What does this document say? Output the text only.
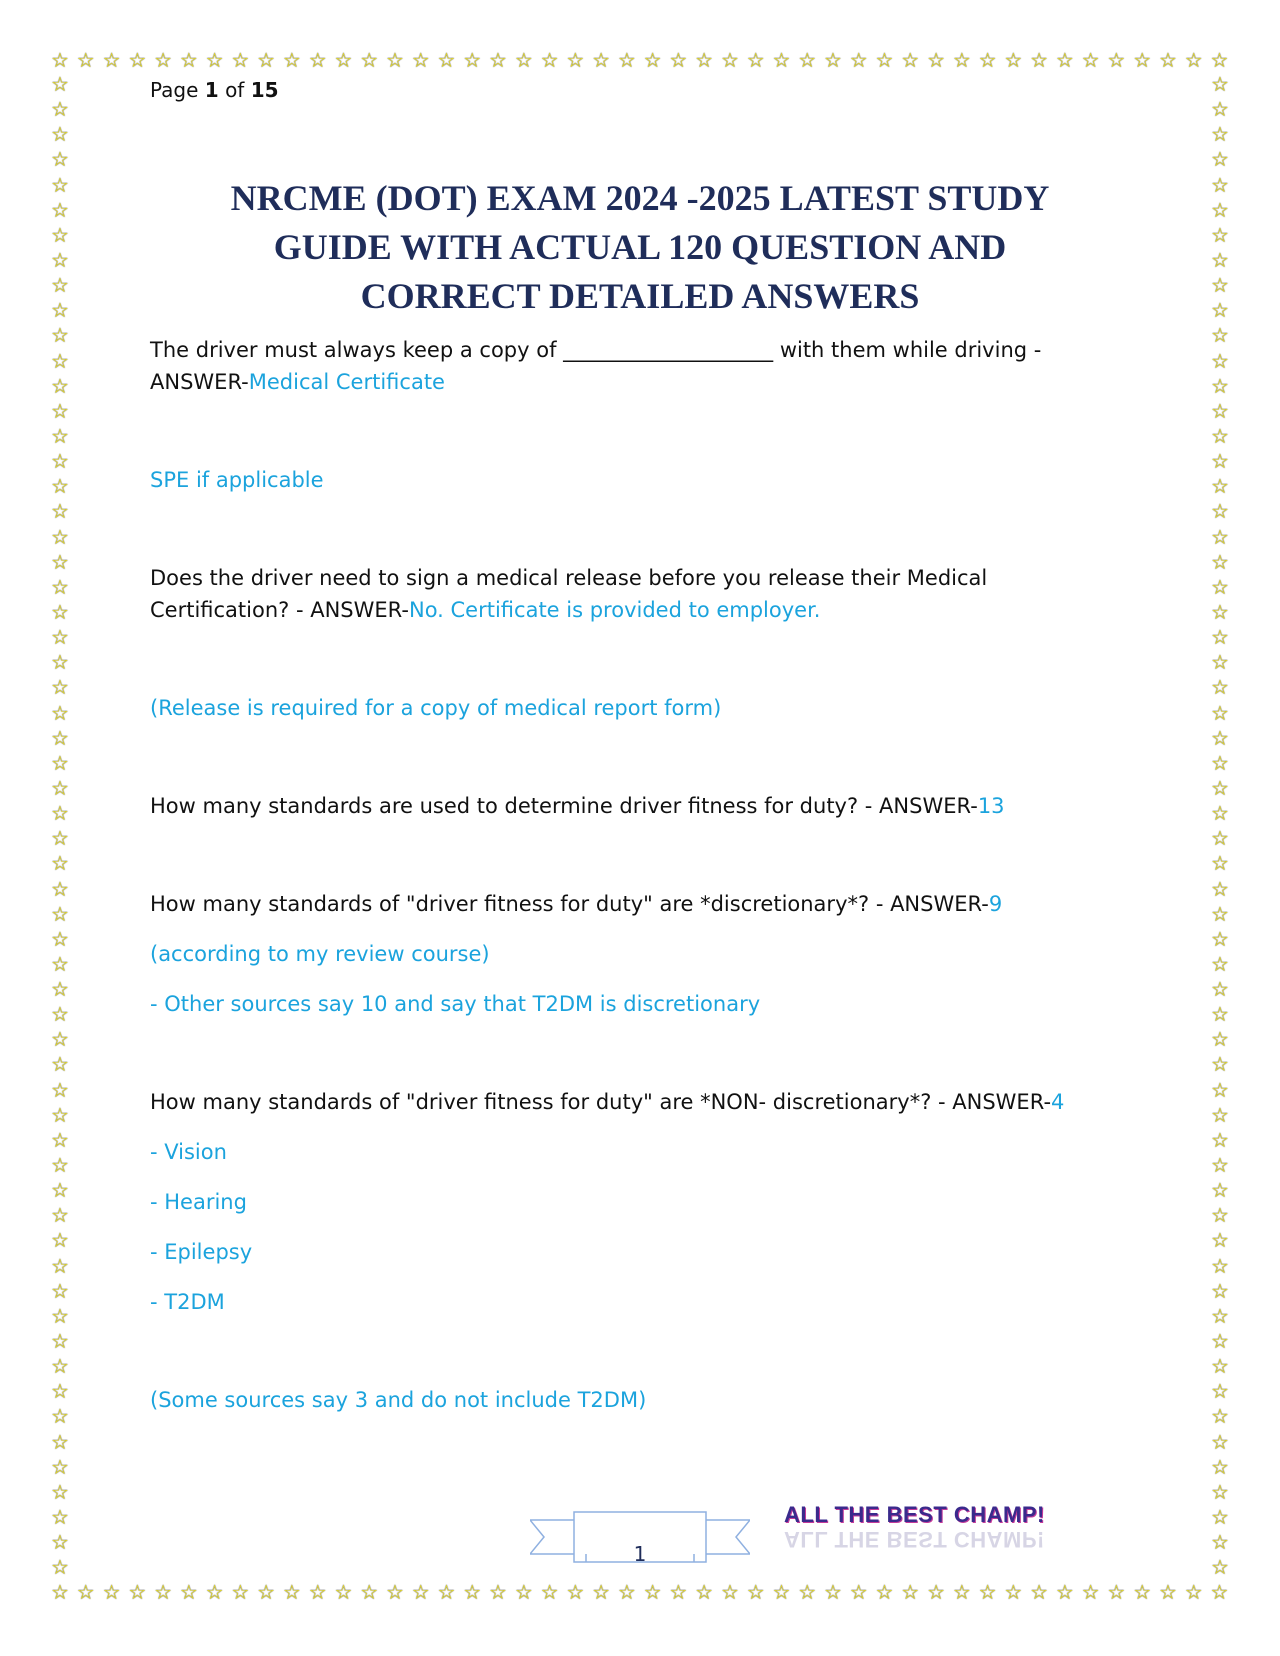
☆ ☆ ☆ ☆ ☆ ☆ ☆ ☆ ☆ ☆ ☆ ☆ ☆ ☆ ☆ ☆ ☆ ☆ ☆ ☆ ☆ ☆ ☆ ☆ ☆ ☆ ☆ ☆ ☆ ☆ ☆ ☆ ☆ ☆ ☆ ☆ ☆ ☆ ☆ ☆ ☆ ☆ ☆ ☆ ☆ ☆
☆ ☆ ☆ ☆ ☆ ☆ ☆ ☆ ☆ ☆ ☆ ☆ ☆ ☆ ☆ ☆ ☆ ☆ ☆ ☆ ☆ ☆ ☆ ☆ ☆ ☆ ☆ ☆ ☆ ☆ ☆ ☆ ☆ ☆ ☆ ☆ ☆ ☆ ☆ ☆ ☆ ☆ ☆ ☆ ☆ ☆
☆
☆
☆
☆
☆
☆
☆
☆
☆
☆
☆
☆
☆
☆
☆
☆
☆
☆
☆
☆
☆
☆
☆
☆
☆
☆
☆
☆
☆
☆
☆
☆
☆
☆
☆
☆
☆
☆
☆
☆
☆
☆
☆
☆
☆
☆
☆
☆
☆
☆
☆
☆
☆
☆
☆
☆
☆
☆
☆
☆
☆
☆
☆
☆
☆
☆
☆
☆
☆
☆
☆
☆
☆
☆
☆
☆
☆
☆
☆
☆
☆
☆
☆
☆
☆
☆
☆
☆
☆
☆
☆
☆
☆
☆
☆
☆
☆
☆
☆
☆
☆
☆
☆
☆
☆
☆
☆
☆
☆
☆
☆
☆
☆
☆
☆
☆
☆
☆
☆
☆
Page 1 of 15
NRCME (DOT) EXAM 2024 -2025 LATEST STUDY
GUIDE WITH ACTUAL 120 QUESTION AND
CORRECT DETAILED ANSWERS

The driver must always keep a copy of ____________________ with them while driving - ANSWER-Medical Certificate

SPE if applicable

Does the driver need to sign a medical release before you release their Medical Certification? - ANSWER-No. Certificate is provided to employer.

(Release is required for a copy of medical report form)

How many standards are used to determine driver fitness for duty? - ANSWER-13

How many standards of "driver fitness for duty" are *discretionary*? - ANSWER-9

(according to my review course)

- Other sources say 10 and say that T2DM is discretionary

How many standards of "driver fitness for duty" are *NON- discretionary*? - ANSWER-4

- Vision

- Hearing

- Epilepsy

- T2DM

(Some sources say 3 and do not include T2DM)

1
ALL THE BEST CHAMP!
ALL THE BEST CHAMP!
